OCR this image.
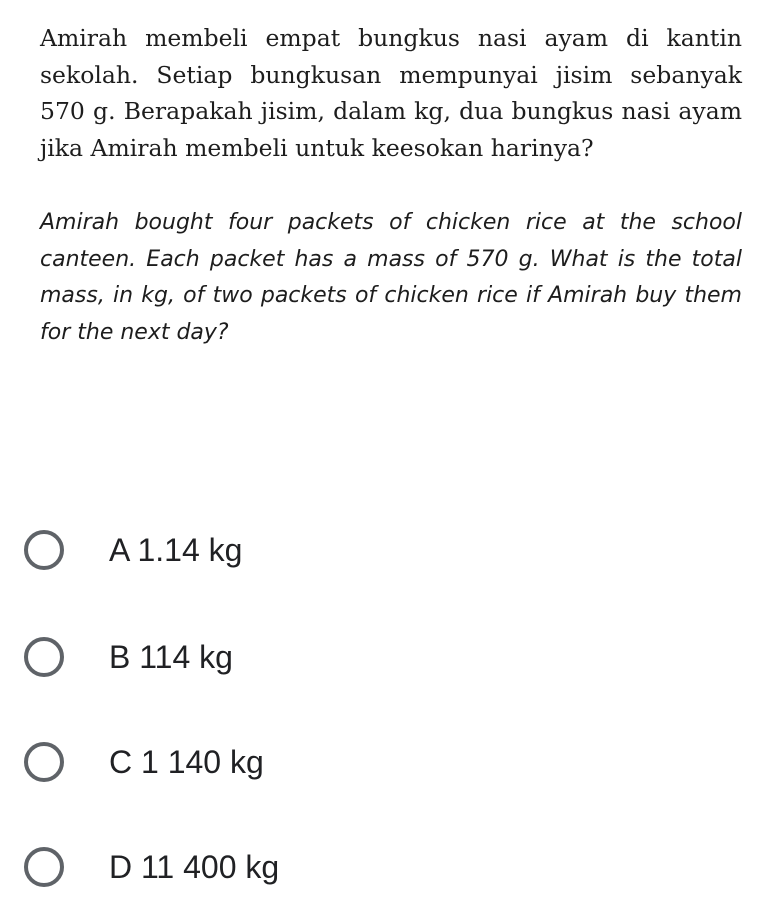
Amirah membeli empat bungkus nasi ayam di kantin sekolah. Setiap bungkusan mempunyai jisim sebanyak 570 g. Berapakah jisim, dalam kg, dua bungkus nasi ayam jika Amirah membeli untuk keesokan harinya?

Amirah bought four packets of chicken rice at the school canteen. Each packet has a mass of 570 g. What is the total mass, in kg, of two packets of chicken rice if Amirah buy them for the next day?

A 1.14 kg
B 114 kg
C 1 140 kg
D 11 400 kg
